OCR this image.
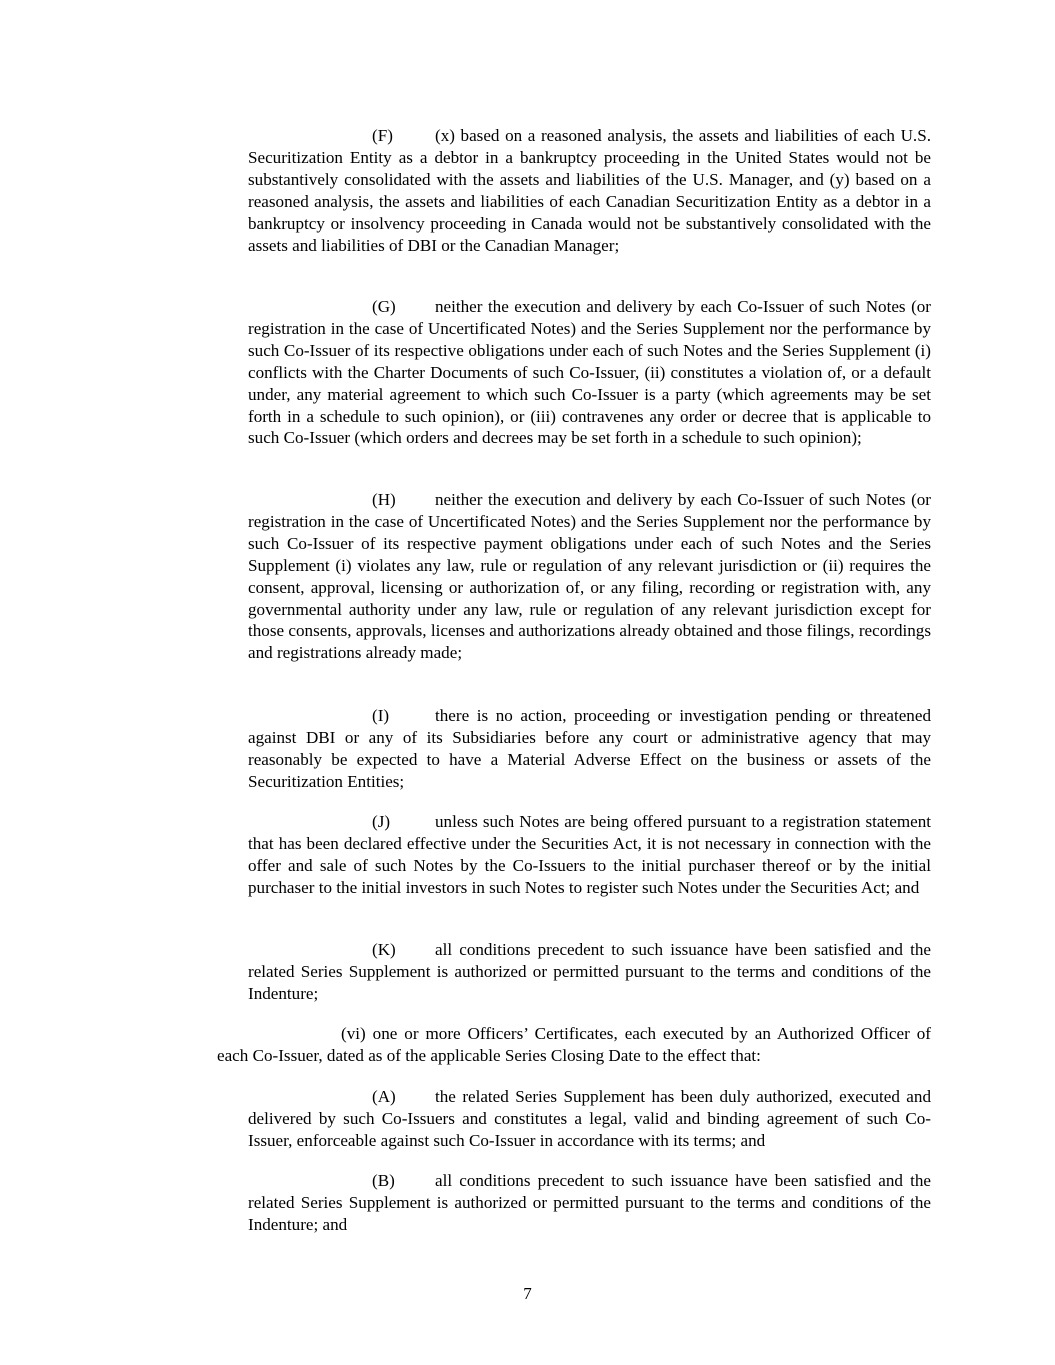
(F) (x) based on a reasoned analysis, the assets and liabilities of each U.S. Securitization Entity as a debtor in a bankruptcy proceeding in the United States would not be substantively consolidated with the assets and liabilities of the U.S. Manager, and (y) based on a reasoned analysis, the assets and liabilities of each Canadian Securitization Entity as a debtor in a bankruptcy or insolvency proceeding in Canada would not be substantively consolidated with the assets and liabilities of DBI or the Canadian Manager;

(G) neither the execution and delivery by each Co-Issuer of such Notes (or registration in the case of Uncertificated Notes) and the Series Supplement nor the performance by such Co-Issuer of its respective obligations under each of such Notes and the Series Supplement (i) conflicts with the Charter Documents of such Co-Issuer, (ii) constitutes a violation of, or a default under, any material agreement to which such Co-Issuer is a party (which agreements may be set forth in a schedule to such opinion), or (iii) contravenes any order or decree that is applicable to such Co-Issuer (which orders and decrees may be set forth in a schedule to such opinion);

(H) neither the execution and delivery by each Co-Issuer of such Notes (or registration in the case of Uncertificated Notes) and the Series Supplement nor the performance by such Co-Issuer of its respective payment obligations under each of such Notes and the Series Supplement (i) violates any law, rule or regulation of any relevant jurisdiction or (ii) requires the consent, approval, licensing or authorization of, or any filing, recording or registration with, any governmental authority under any law, rule or regulation of any relevant jurisdiction except for those consents, approvals, licenses and authorizations already obtained and those filings, recordings and registrations already made;

(I)	there is no action, proceeding or investigation pending or threatened against DBI or any of its Subsidiaries before any court or administrative agency that may reasonably be expected to have a Material Adverse Effect on the business or assets of the Securitization Entities;

(J)	unless such Notes are being offered pursuant to a registration statement that has been declared effective under the Securities Act, it is not necessary in connection with the offer and sale of such Notes by the Co-Issuers to the initial purchaser thereof or by the initial purchaser to the initial investors in such Notes to register such Notes under the Securities Act; and

(K) all conditions precedent to such issuance have been satisfied and the related Series Supplement is authorized or permitted pursuant to the terms and conditions of the Indenture;

(vi) one or more Officers’ Certificates, each executed by an Authorized Officer of each Co-Issuer, dated as of the applicable Series Closing Date to the effect that:

(A) the related Series Supplement has been duly authorized, executed and delivered by such Co-Issuers and constitutes a legal, valid and binding agreement of such Co-Issuer, enforceable against such Co-Issuer in accordance with its terms; and

(B) all conditions precedent to such issuance have been satisfied and the related Series Supplement is authorized or permitted pursuant to the terms and conditions of the Indenture; and

7
